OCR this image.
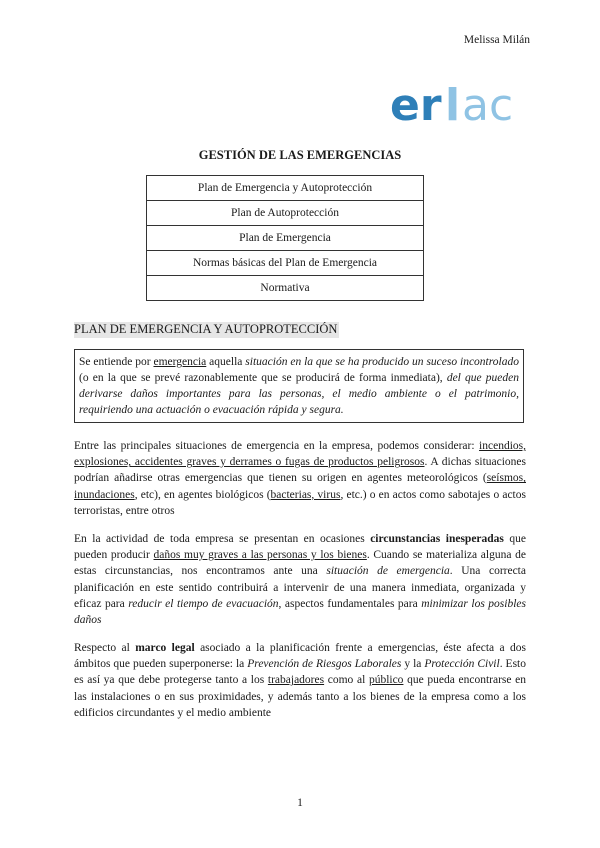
Melissa Milán
er l ac
GESTIÓN DE LAS EMERGENCIAS
Plan de Emergencia y Autoprotección
Plan de Autoprotección
Plan de Emergencia
Normas básicas del Plan de Emergencia
Normativa
PLAN DE EMERGENCIA Y AUTOPROTECCIÓN
Se entiende por emergencia aquella situación en la que se ha producido un suceso incontrolado (o en la que se prevé razonablemente que se producirá de forma inmediata), del que pueden derivarse daños importantes para las personas, el medio ambiente o el patrimonio, requiriendo una actuación o evacuación rápida y segura.
Entre las principales situaciones de emergencia en la empresa, podemos considerar: incendios, explosiones, accidentes graves y derrames o fugas de productos peligrosos. A dichas situaciones podrían añadirse otras emergencias que tienen su origen en agentes meteorológicos (seísmos, inundaciones, etc), en agentes biológicos (bacterias, virus, etc.) o en actos como sabotajes o actos terroristas, entre otros
En la actividad de toda empresa se presentan en ocasiones circunstancias inesperadas que pueden producir daños muy graves a las personas y los bienes. Cuando se materializa alguna de estas circunstancias, nos encontramos ante una situación de emergencia. Una correcta planificación en este sentido contribuirá a intervenir de una manera inmediata, organizada y eficaz para reducir el tiempo de evacuación, aspectos fundamentales para minimizar los posibles daños
Respecto al marco legal asociado a la planificación frente a emergencias, éste afecta a dos ámbitos que pueden superponerse: la Prevención de Riesgos Laborales y la Protección Civil. Esto es así ya que debe protegerse tanto a los trabajadores como al público que pueda encontrarse en las instalaciones o en sus proximidades, y además tanto a los bienes de la empresa como a los edificios circundantes y el medio ambiente
1
